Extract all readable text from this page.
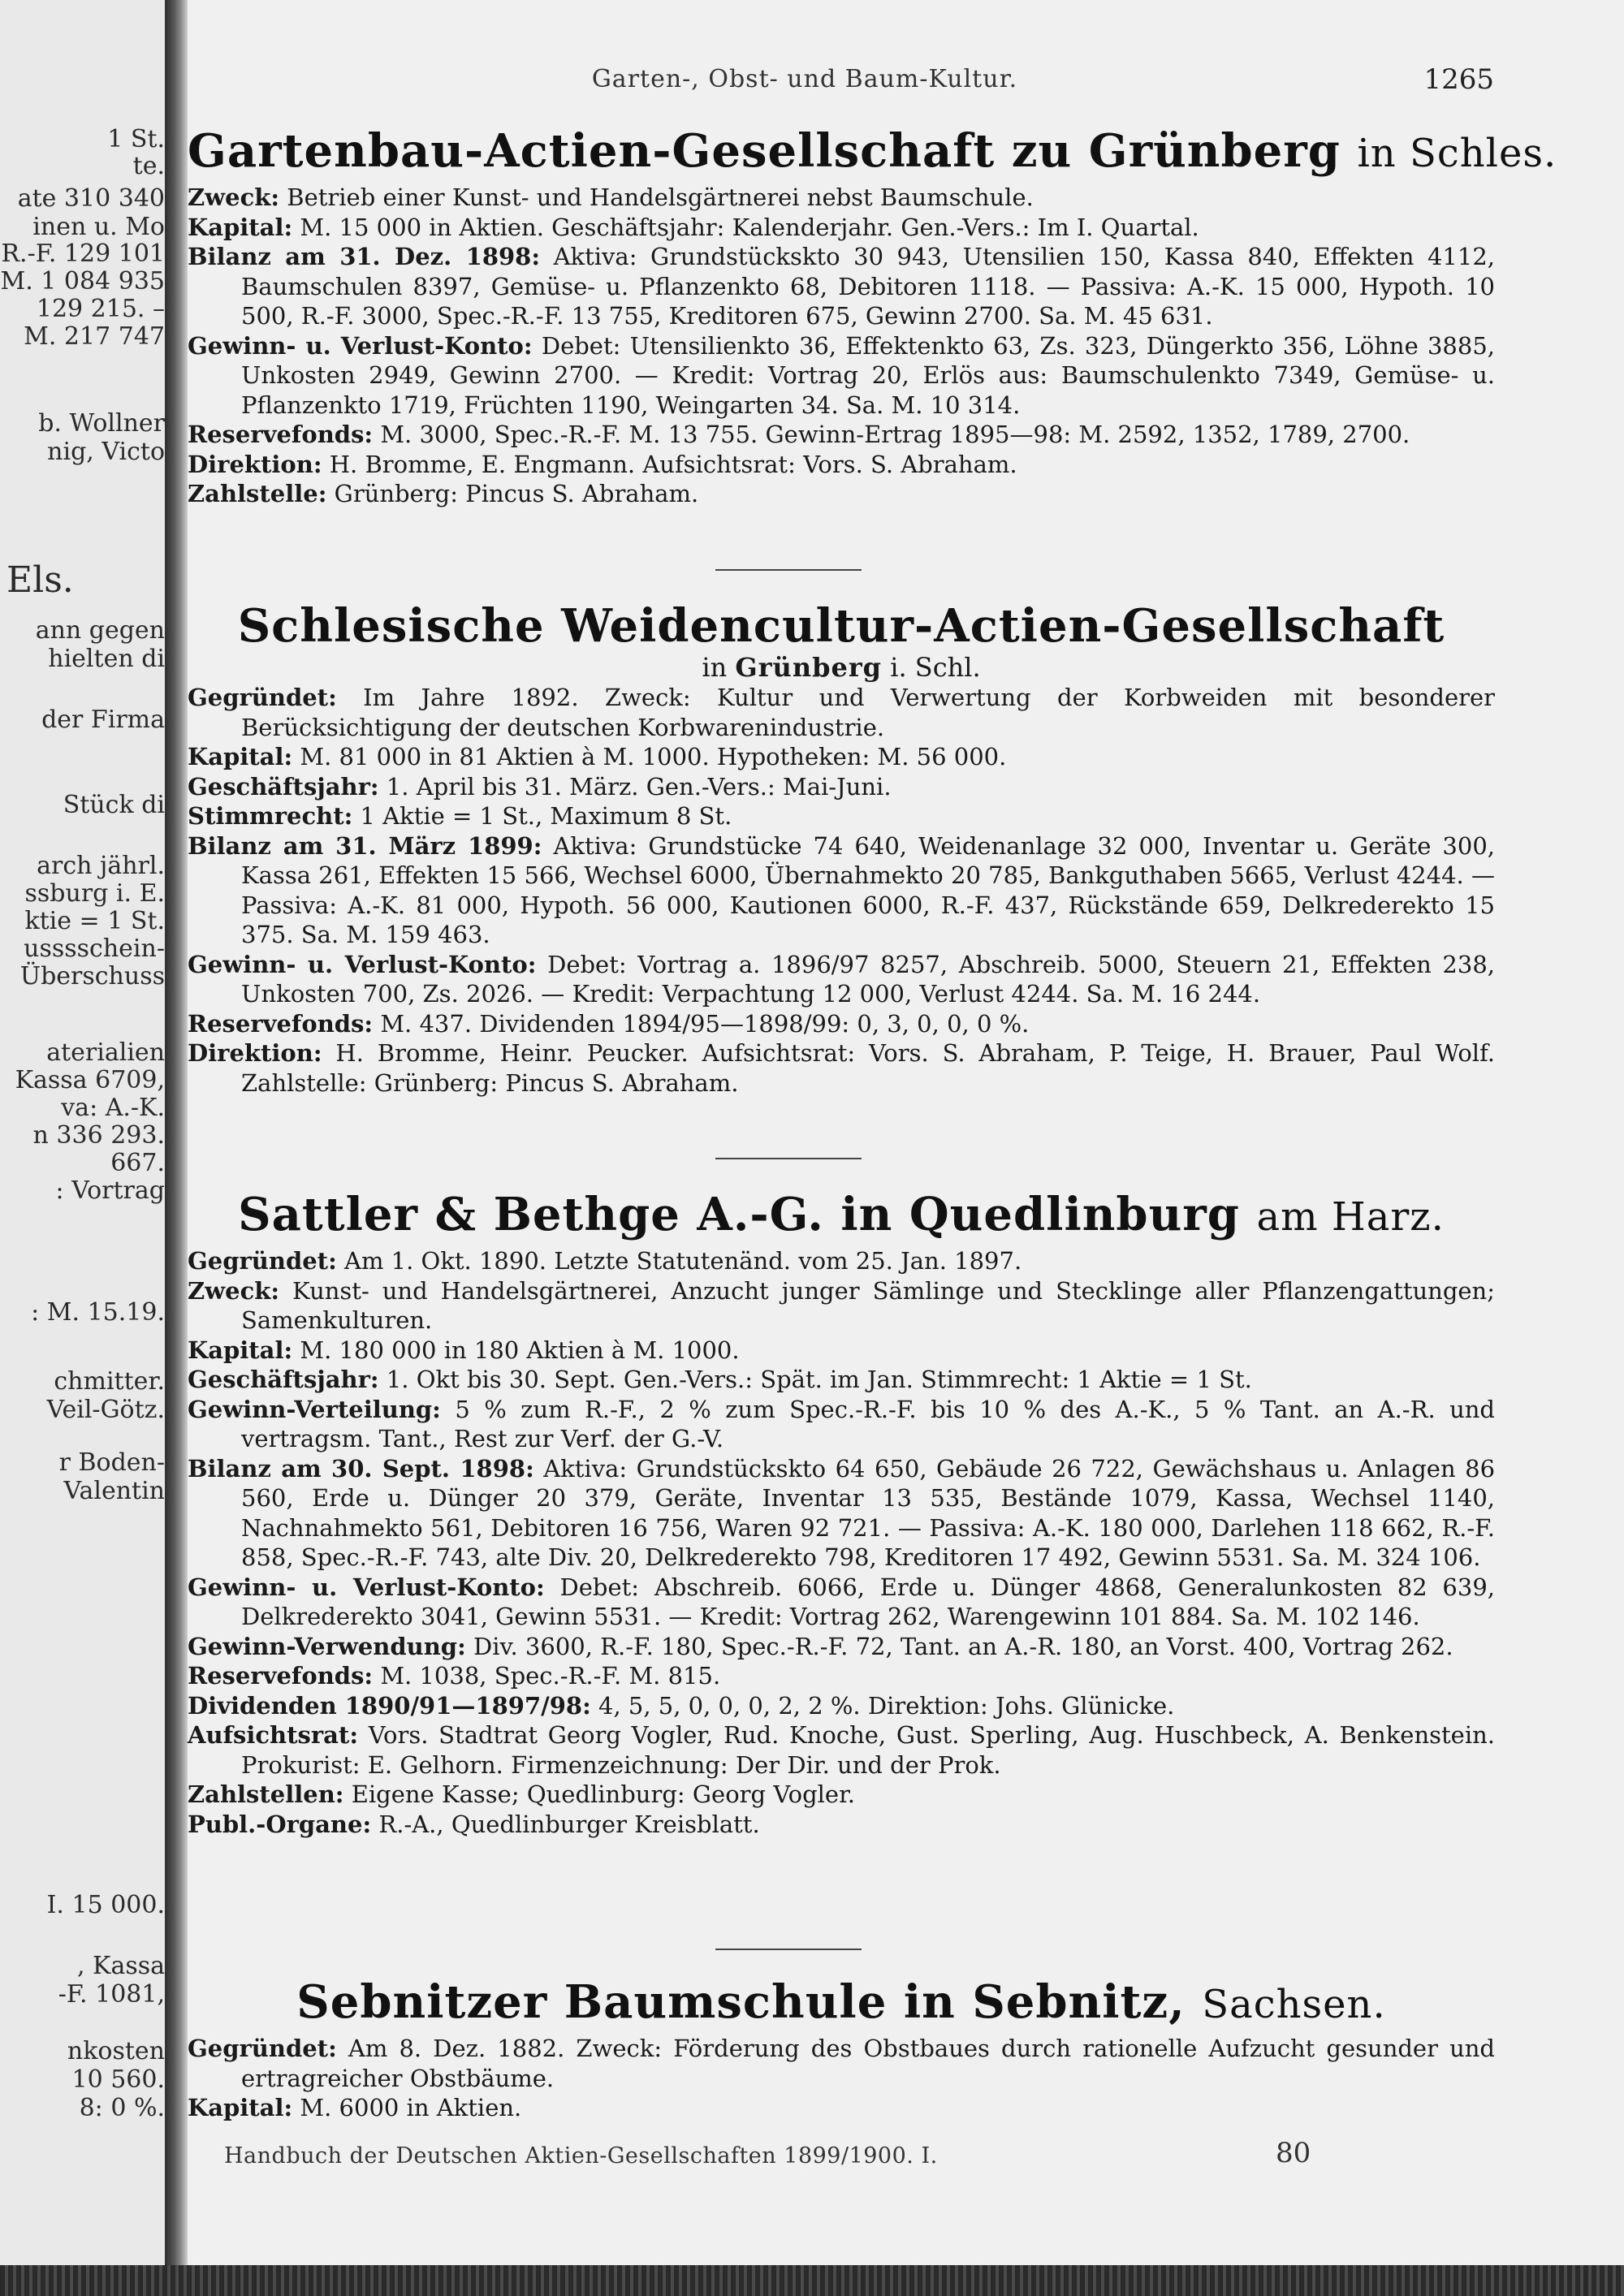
1 St.
te.
ate 310 340
inen u. Mo
R.-F. 129 101
M. 1 084 935
129 215. –
M. 217 747
b. Wollner
nig, Victo
Els.
ann gegen
hielten di
der Firma
Stück di
arch jährl.
ssburg i. E.
ktie = 1 St.
usssschein-
Überschuss
aterialien
Kassa 6709,
va: A.-K.
n 336 293.
667.
: Vortrag
: M. 15.19.
chmitter.
Veil-Götz.
r Boden-
Valentin
I. 15 000.
, Kassa
-F. 1081,
nkosten
10 560.
8: 0 %.
Garten-, Obst- und Baum-Kultur.	1265
Gartenbau-Actien-Gesellschaft zu Grünberg in Schles.
Zweck: Betrieb einer Kunst- und Handelsgärtnerei nebst Baumschule.
Kapital: M. 15 000 in Aktien. Geschäftsjahr: Kalenderjahr. Gen.-Vers.: Im I. Quartal.
Bilanz am 31. Dez. 1898: Aktiva: Grundstückskto 30 943, Utensilien 150, Kassa 840, Effekten 4112, Baumschulen 8397, Gemüse- u. Pflanzenkto 68, Debitoren 1118. — Passiva: A.-K. 15 000, Hypoth. 10 500, R.-F. 3000, Spec.-R.-F. 13 755, Kreditoren 675, Gewinn 2700. Sa. M. 45 631.
Gewinn- u. Verlust-Konto: Debet: Utensilienkto 36, Effektenkto 63, Zs. 323, Düngerkto 356, Löhne 3885, Unkosten 2949, Gewinn 2700. — Kredit: Vortrag 20, Erlös aus: Baumschulenkto 7349, Gemüse- u. Pflanzenkto 1719, Früchten 1190, Weingarten 34. Sa. M. 10 314.
Reservefonds: M. 3000, Spec.-R.-F. M. 13 755. Gewinn-Ertrag 1895—98: M. 2592, 1352, 1789, 2700.
Direktion: H. Bromme, E. Engmann. Aufsichtsrat: Vors. S. Abraham.
Zahlstelle: Grünberg: Pincus S. Abraham.
Schlesische Weidencultur-Actien-Gesellschaft
in Grünberg i. Schl.
Gegründet: Im Jahre 1892. Zweck: Kultur und Verwertung der Korbweiden mit besonderer Berücksichtigung der deutschen Korbwarenindustrie.
Kapital: M. 81 000 in 81 Aktien à M. 1000. Hypotheken: M. 56 000.
Geschäftsjahr: 1. April bis 31. März. Gen.-Vers.: Mai-Juni.
Stimmrecht: 1 Aktie = 1 St., Maximum 8 St.
Bilanz am 31. März 1899: Aktiva: Grundstücke 74 640, Weidenanlage 32 000, Inventar u. Geräte 300, Kassa 261, Effekten 15 566, Wechsel 6000, Übernahmekto 20 785, Bankguthaben 5665, Verlust 4244. — Passiva: A.-K. 81 000, Hypoth. 56 000, Kautionen 6000, R.-F. 437, Rückstände 659, Delkrederekto 15 375. Sa. M. 159 463.
Gewinn- u. Verlust-Konto: Debet: Vortrag a. 1896/97 8257, Abschreib. 5000, Steuern 21, Effekten 238, Unkosten 700, Zs. 2026. — Kredit: Verpachtung 12 000, Verlust 4244. Sa. M. 16 244.
Reservefonds: M. 437. Dividenden 1894/95—1898/99: 0, 3, 0, 0, 0 %.
Direktion: H. Bromme, Heinr. Peucker. Aufsichtsrat: Vors. S. Abraham, P. Teige, H. Brauer, Paul Wolf. Zahlstelle: Grünberg: Pincus S. Abraham.
Sattler & Bethge A.-G. in Quedlinburg am Harz.
Gegründet: Am 1. Okt. 1890. Letzte Statutenänd. vom 25. Jan. 1897.
Zweck: Kunst- und Handelsgärtnerei, Anzucht junger Sämlinge und Stecklinge aller Pflanzengattungen; Samenkulturen.
Kapital: M. 180 000 in 180 Aktien à M. 1000.
Geschäftsjahr: 1. Okt bis 30. Sept. Gen.-Vers.: Spät. im Jan. Stimmrecht: 1 Aktie = 1 St.
Gewinn-Verteilung: 5 % zum R.-F., 2 % zum Spec.-R.-F. bis 10 % des A.-K., 5 % Tant. an A.-R. und vertragsm. Tant., Rest zur Verf. der G.-V.
Bilanz am 30. Sept. 1898: Aktiva: Grundstückskto 64 650, Gebäude 26 722, Gewächshaus u. Anlagen 86 560, Erde u. Dünger 20 379, Geräte, Inventar 13 535, Bestände 1079, Kassa, Wechsel 1140, Nachnahmekto 561, Debitoren 16 756, Waren 92 721. — Passiva: A.-K. 180 000, Darlehen 118 662, R.-F. 858, Spec.-R.-F. 743, alte Div. 20, Delkrederekto 798, Kreditoren 17 492, Gewinn 5531. Sa. M. 324 106.
Gewinn- u. Verlust-Konto: Debet: Abschreib. 6066, Erde u. Dünger 4868, Generalunkosten 82 639, Delkrederekto 3041, Gewinn 5531. — Kredit: Vortrag 262, Warengewinn 101 884. Sa. M. 102 146.
Gewinn-Verwendung: Div. 3600, R.-F. 180, Spec.-R.-F. 72, Tant. an A.-R. 180, an Vorst. 400, Vortrag 262.
Reservefonds: M. 1038, Spec.-R.-F. M. 815.
Dividenden 1890/91—1897/98: 4, 5, 5, 0, 0, 0, 2, 2 %. Direktion: Johs. Glünicke.
Aufsichtsrat: Vors. Stadtrat Georg Vogler, Rud. Knoche, Gust. Sperling, Aug. Huschbeck, A. Benkenstein. Prokurist: E. Gelhorn. Firmenzeichnung: Der Dir. und der Prok.
Zahlstellen: Eigene Kasse; Quedlinburg: Georg Vogler.
Publ.-Organe: R.-A., Quedlinburger Kreisblatt.
Sebnitzer Baumschule in Sebnitz, Sachsen.
Gegründet: Am 8. Dez. 1882. Zweck: Förderung des Obstbaues durch rationelle Aufzucht gesunder und ertragreicher Obstbäume.
Kapital: M. 6000 in Aktien.
Handbuch der Deutschen Aktien-Gesellschaften 1899/1900. I.	80
